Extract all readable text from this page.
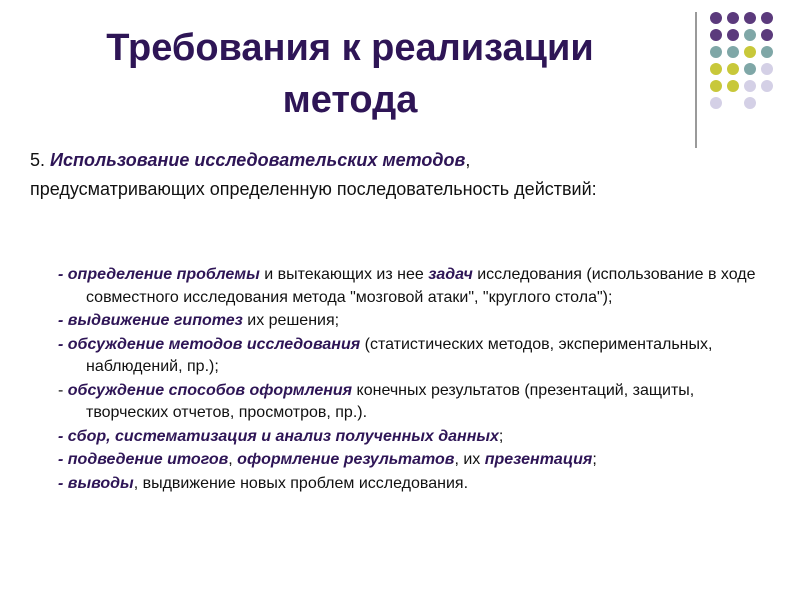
Требования к реализации метода
5. Использование исследовательских методов, предусматривающих определенную последовательность действий:
- определение проблемы и вытекающих из нее задач исследования (использование в ходе совместного исследования метода "мозговой атаки", "круглого стола");
- выдвижение гипотез их решения;
- обсуждение методов исследования (статистических методов, экспериментальных, наблюдений, пр.);
- обсуждение способов оформления конечных результатов (презентаций, защиты, творческих отчетов, просмотров, пр.).
- сбор, систематизация и анализ полученных данных;
- подведение итогов, оформление результатов, их презентация;
- выводы, выдвижение новых проблем исследования.
